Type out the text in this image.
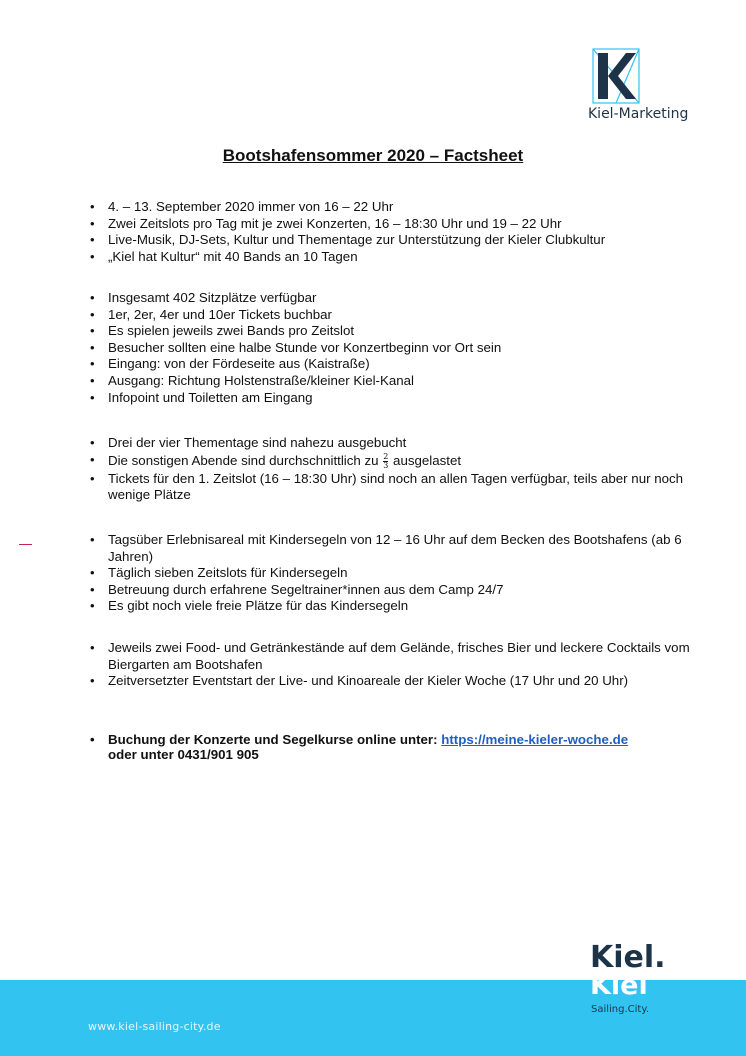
Kiel-Marketing
Bootshafensommer 2020 – Factsheet
• 4. – 13. September 2020 immer von 16 – 22 Uhr
• Zwei Zeitslots pro Tag mit je zwei Konzerten, 16 – 18:30 Uhr und 19 – 22 Uhr
• Live-Musik, DJ-Sets, Kultur und Thementage zur Unterstützung der Kieler Clubkultur
• „Kiel hat Kultur“ mit 40 Bands an 10 Tagen
• Insgesamt 402 Sitzplätze verfügbar
• 1er, 2er, 4er und 10er Tickets buchbar
• Es spielen jeweils zwei Bands pro Zeitslot
• Besucher sollten eine halbe Stunde vor Konzertbeginn vor Ort sein
• Eingang: von der Fördeseite aus (Kaistraße)
• Ausgang: Richtung Holstenstraße/kleiner Kiel-Kanal
• Infopoint und Toiletten am Eingang
• Drei der vier Thementage sind nahezu ausgebucht
• Die sonstigen Abende sind durchschnittlich zu $\frac{2}{3}$ ausgelastet
• Tickets für den 1. Zeitslot (16 – 18:30 Uhr) sind noch an allen Tagen verfügbar, teils aber nur noch wenige Plätze
• Tagsüber Erlebnisareal mit Kindersegeln von 12 – 16 Uhr auf dem Becken des Bootshafens (ab 6 Jahren)
• Täglich sieben Zeitslots für Kindersegeln
• Betreuung durch erfahrene Segeltrainer*innen aus dem Camp 24/7
• Es gibt noch viele freie Plätze für das Kindersegeln
• Jeweils zwei Food- und Getränkestände auf dem Gelände, frisches Bier und leckere Cocktails vom Biergarten am Bootshafen
• Zeitversetzter Eventstart der Live- und Kinoareale der Kieler Woche (17 Uhr und 20 Uhr)
• Buchung der Konzerte und Segelkurse online unter: https://meine-kieler-woche.de oder unter 0431/901 905
www.kiel-sailing-city.de
Kiel.
Kiel
Sailing.City.
